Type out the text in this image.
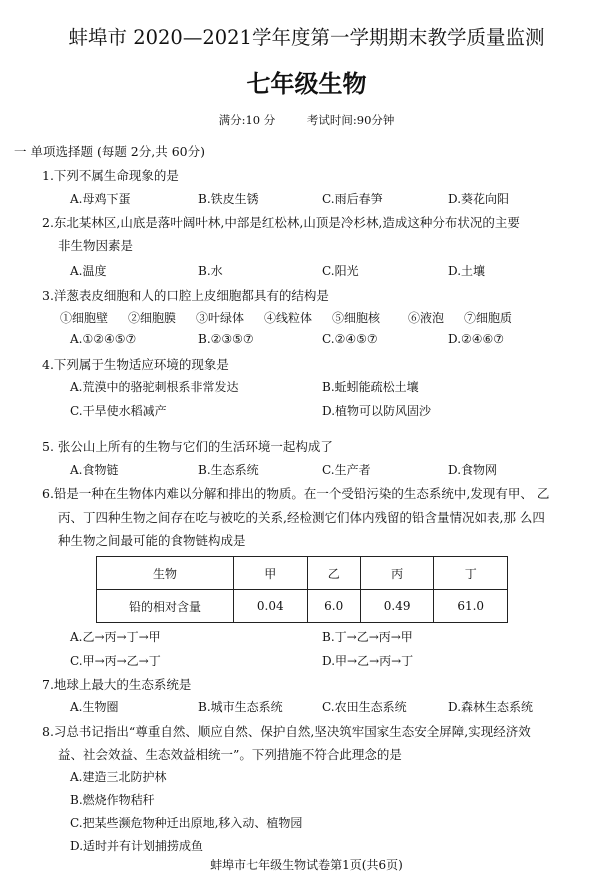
蚌埠市 2020—2021学年度第一学期期末教学质量监测
七年级生物
满分:10 分	考试时间:90分钟
一 单项选择题 (每题 2分,共 60分)
1.下列不属生命现象的是
A.母鸡下蛋	B.铁皮生锈	C.雨后春笋	D.葵花向阳
2.东北某林区,山底是落叶阔叶林,中部是红松林,山顶是冷杉林,造成这种分布状况的主要
非生物因素是
A.温度	B.水	C.阳光	D.土壤
3.洋葱表皮细胞和人的口腔上皮细胞都具有的结构是
①细胞壁 ②细胞膜 ③叶绿体 ④线粒体 ⑤细胞核 ⑥液泡 ⑦细胞质
A.①②④⑤⑦	B.②③⑤⑦	C.②④⑤⑦	D.②④⑥⑦
4.下列属于生物适应环境的现象是
A.荒漠中的骆驼刺根系非常发达	B.蚯蚓能疏松土壤
C.干旱使水稻减产	D.植物可以防风固沙
5. 张公山上所有的生物与它们的生活环境一起构成了
A.食物链	B.生态系统	C.生产者	D.食物网
6.铅是一种在生物体内难以分解和排出的物质。在一个受铅污染的生态系统中,发现有甲、 乙
丙、丁四种生物之间存在吃与被吃的关系,经检测它们体内残留的铅含量情况如表,那 么四
种生物之间最可能的食物链构成是
生物	甲	乙	丙	丁
铅的相对含量	0.04	6.0	0.49	61.0
A.乙→丙→丁→甲	B.丁→乙→丙→甲
C.甲→丙→乙→丁	D.甲→乙→丙→丁
7.地球上最大的生态系统是
A.生物圈	B.城市生态系统	C.农田生态系统	D.森林生态系统
8.习总书记指出“尊重自然、顺应自然、保护自然,坚决筑牢国家生态安全屏障,实现经济效
益、社会效益、生态效益相统一”。下列措施不符合此理念的是
A.建造三北防护林
B.燃烧作物秸秆
C.把某些濒危物种迁出原地,移入动、植物园
D.适时并有计划捕捞成鱼
蚌埠市七年级生物试卷第1页(共6页)
